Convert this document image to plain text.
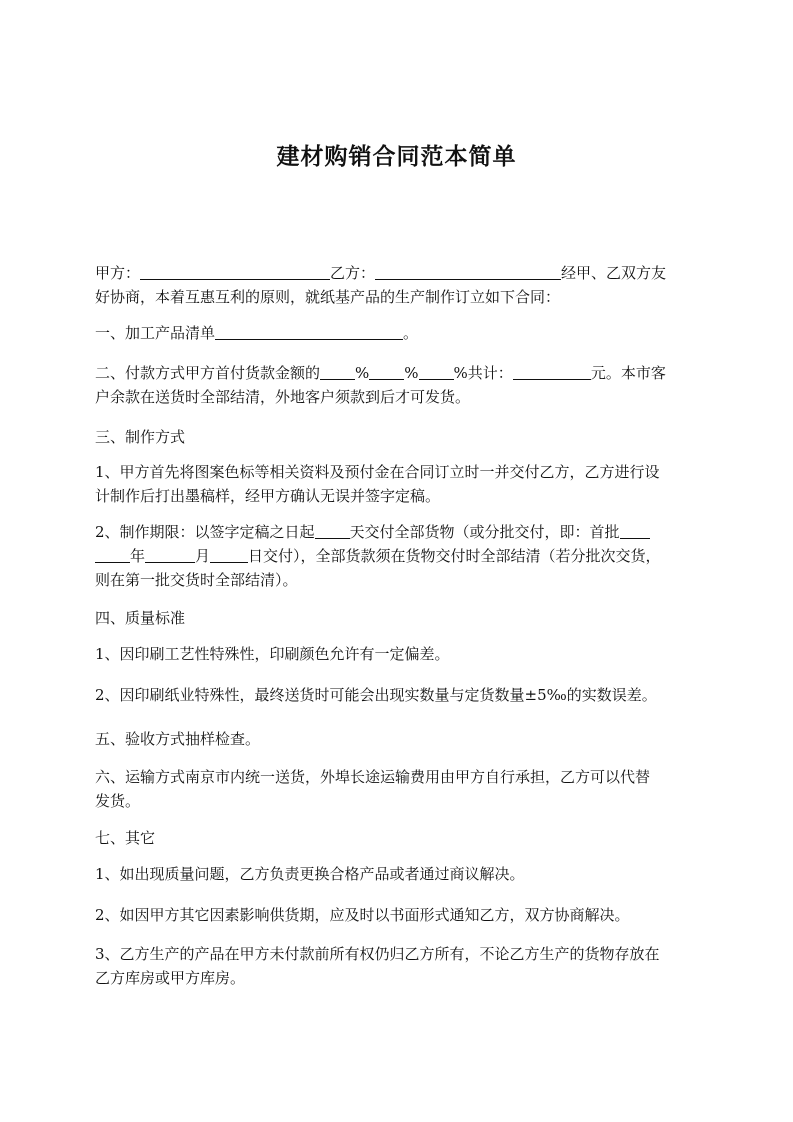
建材购销合同范本简单
甲方：	乙方：	经甲、乙双方友
好协商，本着互惠互利的原则，就纸基产品的生产制作订立如下合同：
一、加工产品清单	。
二、付款方式甲方首付货款金额的 % % %共计：	元。本市客
户余款在送货时全部结清，外地客户须款到后才可发货。
三、制作方式
1、甲方首先将图案色标等相关资料及预付金在合同订立时一并交付乙方，乙方进行设
计制作后打出墨稿样，经甲方确认无误并签字定稿。
2、制作期限：以签字定稿之日起 天交付全部货物（或分批交付，即：首批
年	月	日交付），全部货款须在货物交付时全部结清（若分批次交货，
则在第一批交货时全部结清）。
四、质量标准
1、因印刷工艺性特殊性，印刷颜色允许有一定偏差。
2、因印刷纸业特殊性，最终送货时可能会出现实数量与定货数量±5‰的实数误差。
五、验收方式抽样检查。
六、运输方式南京市内统一送货，外埠长途运输费用由甲方自行承担，乙方可以代替
发货。
七、其它
1、如出现质量问题，乙方负责更换合格产品或者通过商议解决。
2、如因甲方其它因素影响供货期，应及时以书面形式通知乙方，双方协商解决。
3、乙方生产的产品在甲方未付款前所有权仍归乙方所有，不论乙方生产的货物存放在
乙方库房或甲方库房。
